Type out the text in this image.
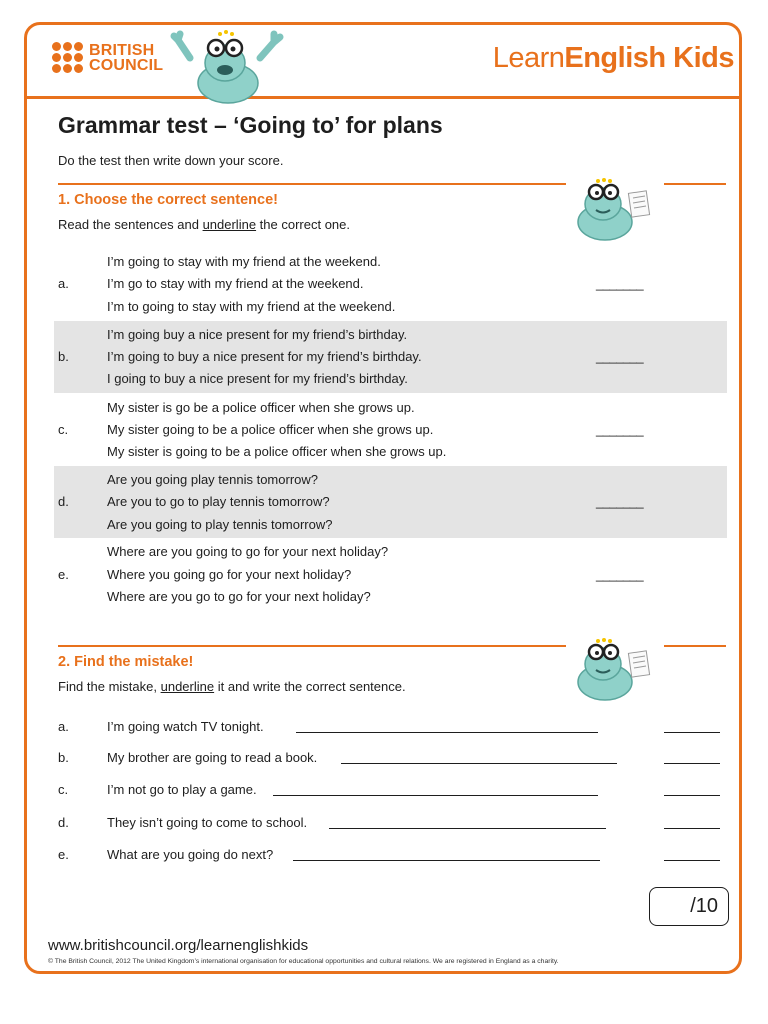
BRITISH
COUNCIL	LearnEnglish Kids
Grammar test – ‘Going to’ for plans
Do the test then write down your score.
1. Choose the correct sentence!
Read the sentences and underline the correct one.
a.
I’m going to stay with my friend at the weekend.
I’m go to stay with my friend at the weekend.
I’m to going to stay with my friend at the weekend.
_______
b.
I’m going buy a nice present for my friend’s birthday.
I’m going to buy a nice present for my friend’s birthday.
I going to buy a nice present for my friend’s birthday.
_______
c.
My sister is go be a police officer when she grows up.
My sister going to be a police officer when she grows up.
My sister is going to be a police officer when she grows up.
_______
d.
Are you going play tennis tomorrow?
Are you to go to play tennis tomorrow?
Are you going to play tennis tomorrow?
_______
e.
Where are you going to go for your next holiday?
Where you going go for your next holiday?
Where are you go to go for your next holiday?
_______
2. Find the mistake!
Find the mistake, underline it and write the correct sentence.
a.	I’m going watch TV tonight.
b.	My brother are going to read a book.
c.	I’m not go to play a game.
d.	They isn’t going to come to school.
e.	What are you going do next?
/10
www.britishcouncil.org/learnenglishkids
© The British Council, 2012 The United Kingdom’s international organisation for educational opportunities and cultural relations. We are registered in England as a charity.
